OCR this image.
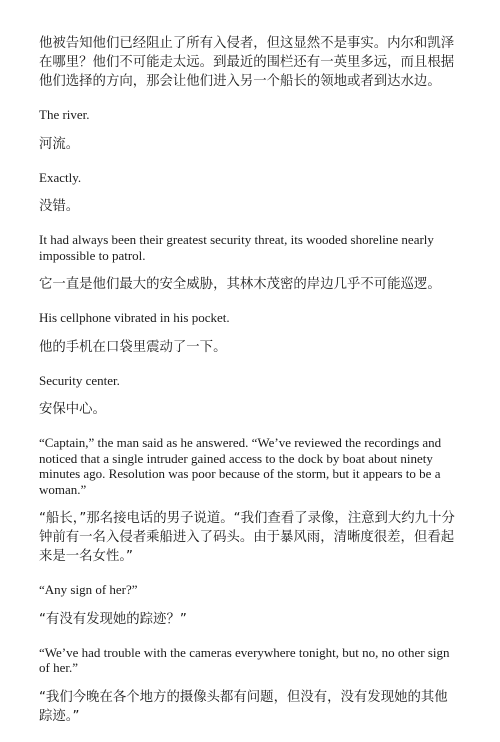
他被告知他们已经阻止了所有入侵者，但这显然不是事实。内尔和凯泽在哪里？他们不可能走太远。到最近的围栏还有一英里多远，而且根据他们选择的方向，那会让他们进入另一个船长的领地或者到达水边。

The river.

河流。

Exactly.

没错。

It had always been their greatest security threat, its wooded shoreline nearly impossible to patrol.

它一直是他们最大的安全威胁，其林木茂密的岸边几乎不可能巡逻。

His cellphone vibrated in his pocket.

他的手机在口袋里震动了一下。

Security center.

安保中心。

“Captain,” the man said as he answered. “We’ve reviewed the recordings and noticed that a single intruder gained access to the dock by boat about ninety minutes ago. Resolution was poor because of the storm, but it appears to be a woman.”

“船长，”那名接电话的男子说道。“我们查看了录像，注意到大约九十分钟前有一名入侵者乘船进入了码头。由于暴风雨，清晰度很差，但看起来是一名女性。”

“Any sign of her?”

“有没有发现她的踪迹？”

“We’ve had trouble with the cameras everywhere tonight, but no, no other sign of her.”

“我们今晚在各个地方的摄像头都有问题，但没有，没有发现她的其他踪迹。”
